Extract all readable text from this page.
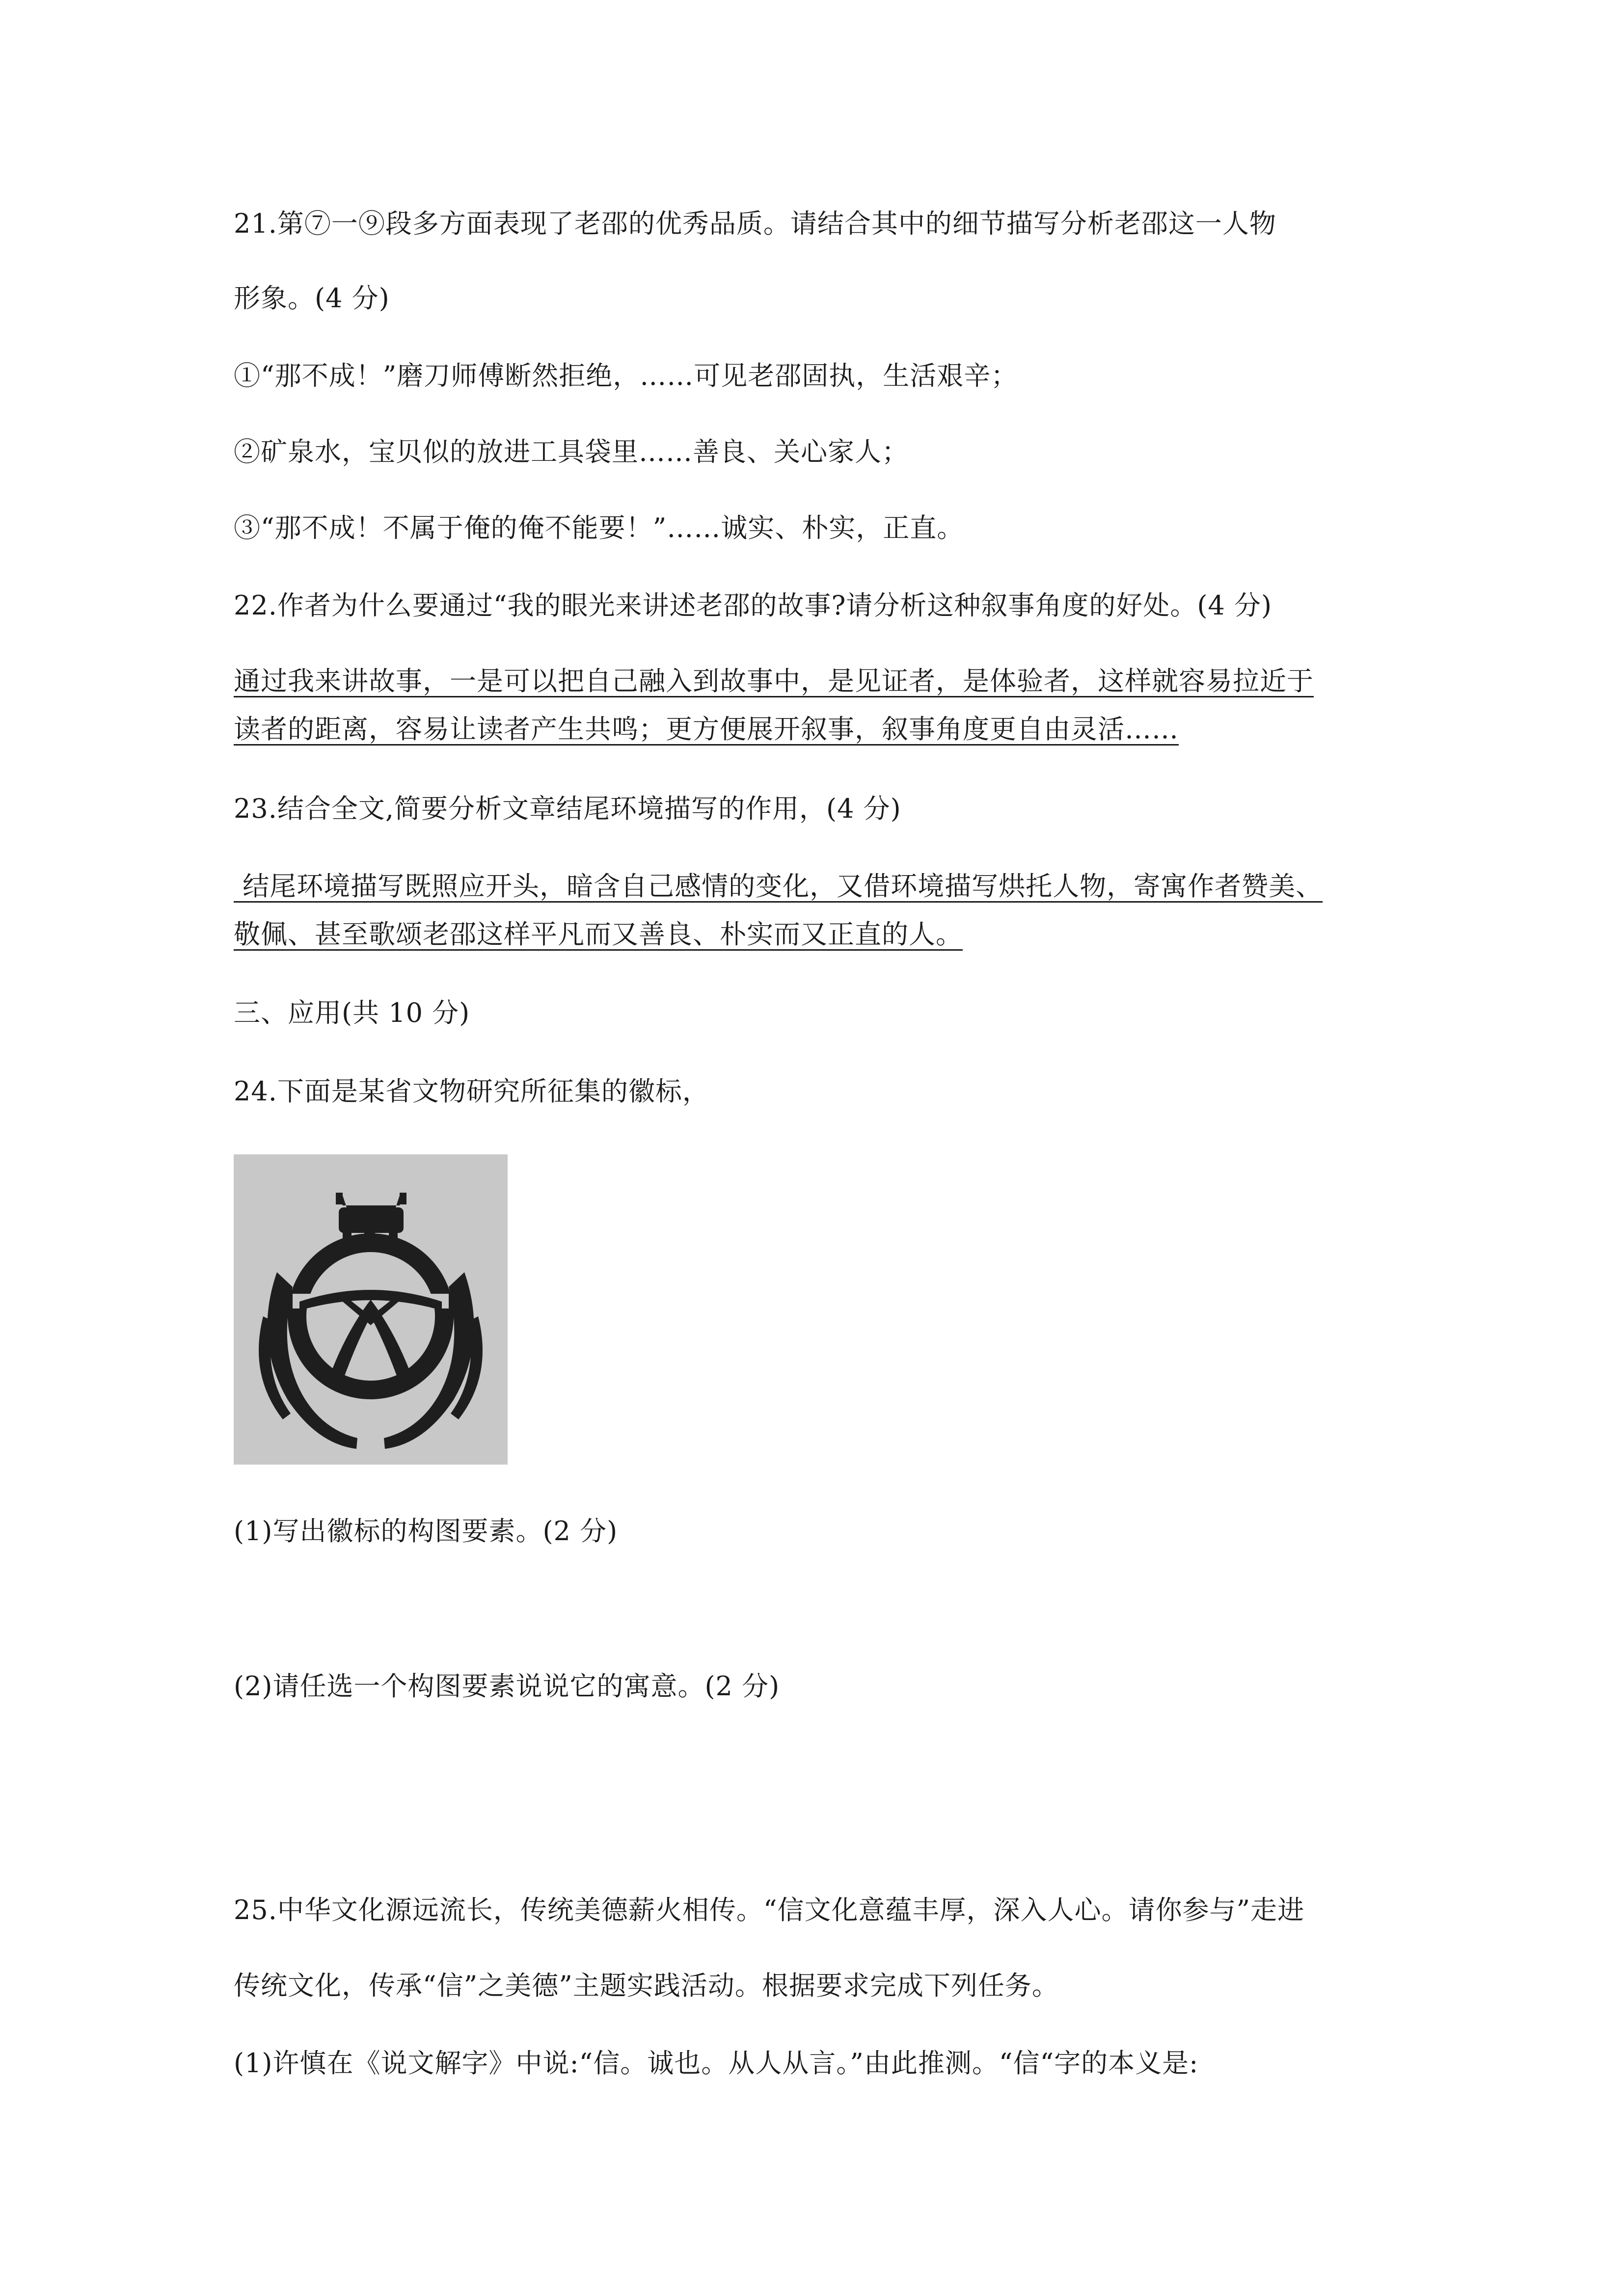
21.第⑦一⑨段多方面表现了老邵的优秀品质。请结合其中的细节描写分析老邵这一人物
形象。(4 分)
①“那不成！”磨刀师傅断然拒绝，……可见老邵固执，生活艰辛；
②矿泉水，宝贝似的放进工具袋里……善良、关心家人；
③“那不成！不属于俺的俺不能要！”……诚实、朴实，正直。
22.作者为什么要通过“我的眼光来讲述老邵的故事?请分析这种叙事角度的好处。(4 分)
通过我来讲故事，一是可以把自己融入到故事中，是见证者，是体验者，这样就容易拉近于
读者的距离，容易让读者产生共鸣；更方便展开叙事，叙事角度更自由灵活……
23.结合全文,简要分析文章结尾环境描写的作用，(4 分)
结尾环境描写既照应开头，暗含自己感情的变化，又借环境描写烘托人物，寄寓作者赞美、
敬佩、甚至歌颂老邵这样平凡而又善良、朴实而又正直的人。
三、应用(共 10 分)
24.下面是某省文物研究所征集的徽标，
(1)写出徽标的构图要素。(2 分)
(2)请任选一个构图要素说说它的寓意。(2 分)
25.中华文化源远流长，传统美德薪火相传。“信文化意蕴丰厚，深入人心。请你参与”走进
传统文化，传承“信”之美德”主题实践活动。根据要求完成下列任务。
(1)许慎在《说文解字》中说:“信。诚也。从人从言。”由此推测。“信“字的本义是:
